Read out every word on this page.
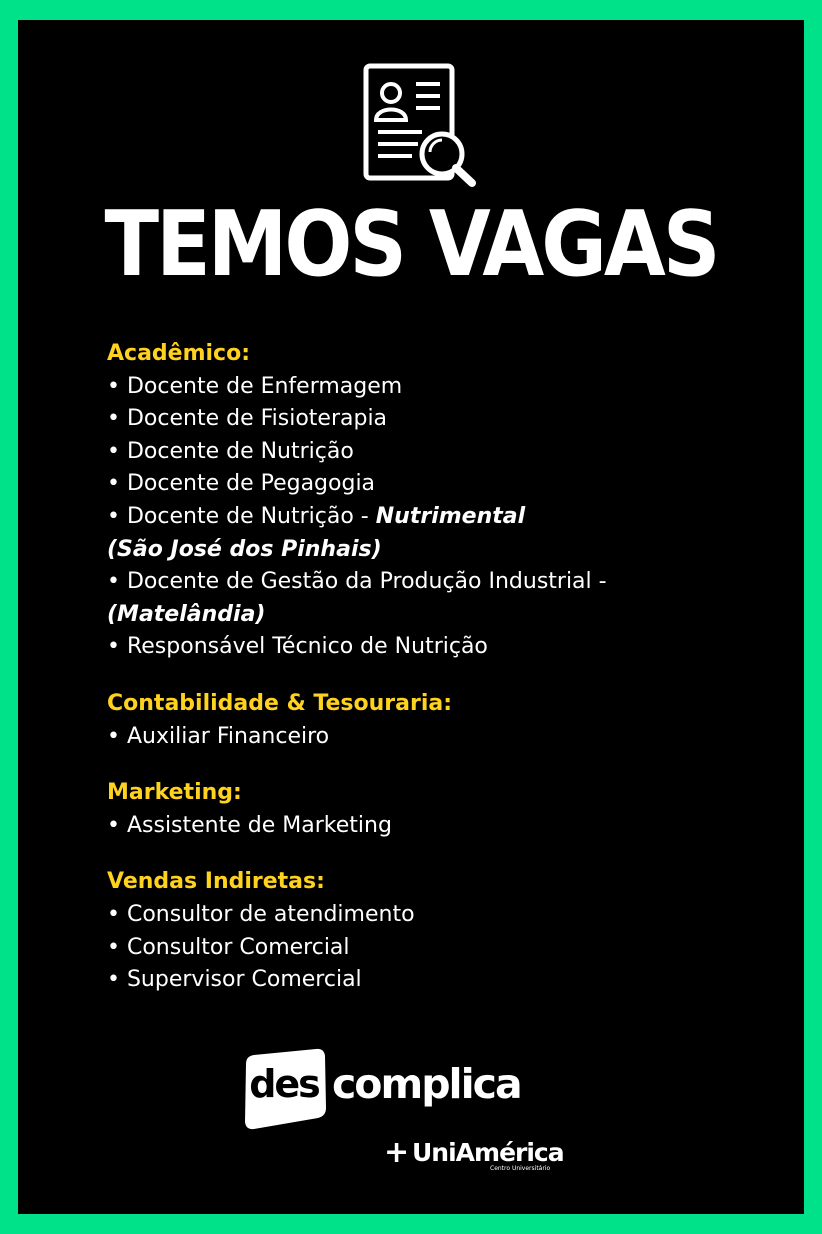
TEMOS VAGAS
Acadêmico:

• Docente de Enfermagem

• Docente de Fisioterapia

• Docente de Nutrição

• Docente de Pegagogia

• Docente de Nutrição - Nutrimental
(São José dos Pinhais)

• Docente de Gestão da Produção Industrial - (Matelândia)

• Responsável Técnico de Nutrição

Contabilidade & Tesouraria:

• Auxiliar Financeiro

Marketing:

• Assistente de Marketing

Vendas Indiretas:

• Consultor de atendimento

• Consultor Comercial

• Supervisor Comercial

des complica
+ UniAmérica
Centro Universitário
